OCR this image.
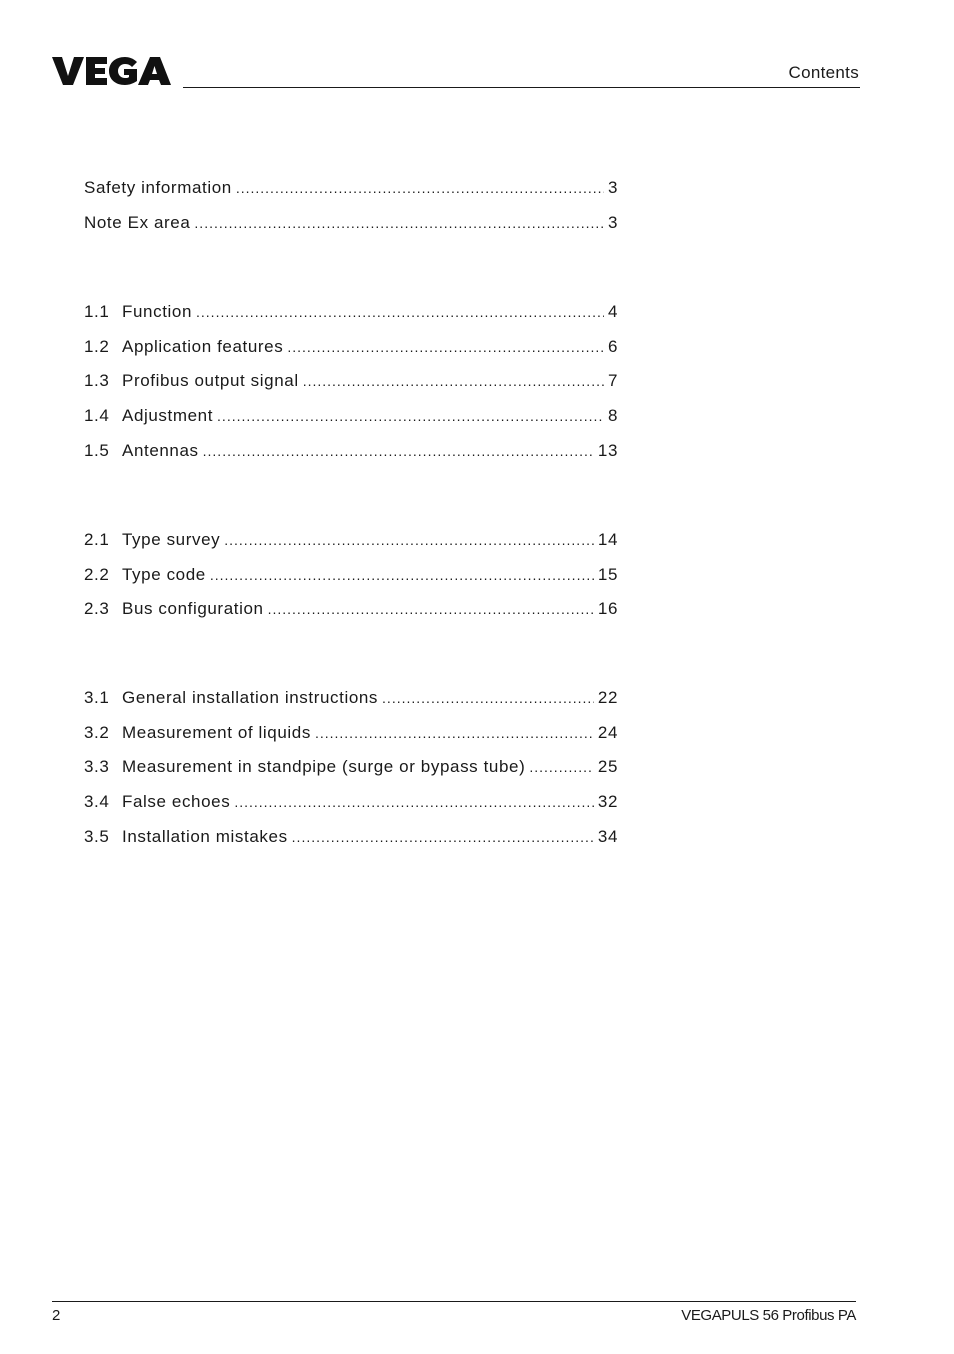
Contents
Safety information .....	3
Note Ex area .....	3
1.1 Function .....	4
1.2 Application features .....	6
1.3 Profibus output signal .....	7
1.4 Adjustment .....	8
1.5 Antennas .....	13
2.1 Type survey .....	14
2.2 Type code .....	15
2.3 Bus configuration .....	16
3.1 General installation instructions .....	22
3.2 Measurement of liquids .....	24
3.3 Measurement in standpipe (surge or bypass tube) .....	25
3.4 False echoes .....	32
3.5 Installation mistakes .....	34
2	VEGAPULS 56 Profibus PA
